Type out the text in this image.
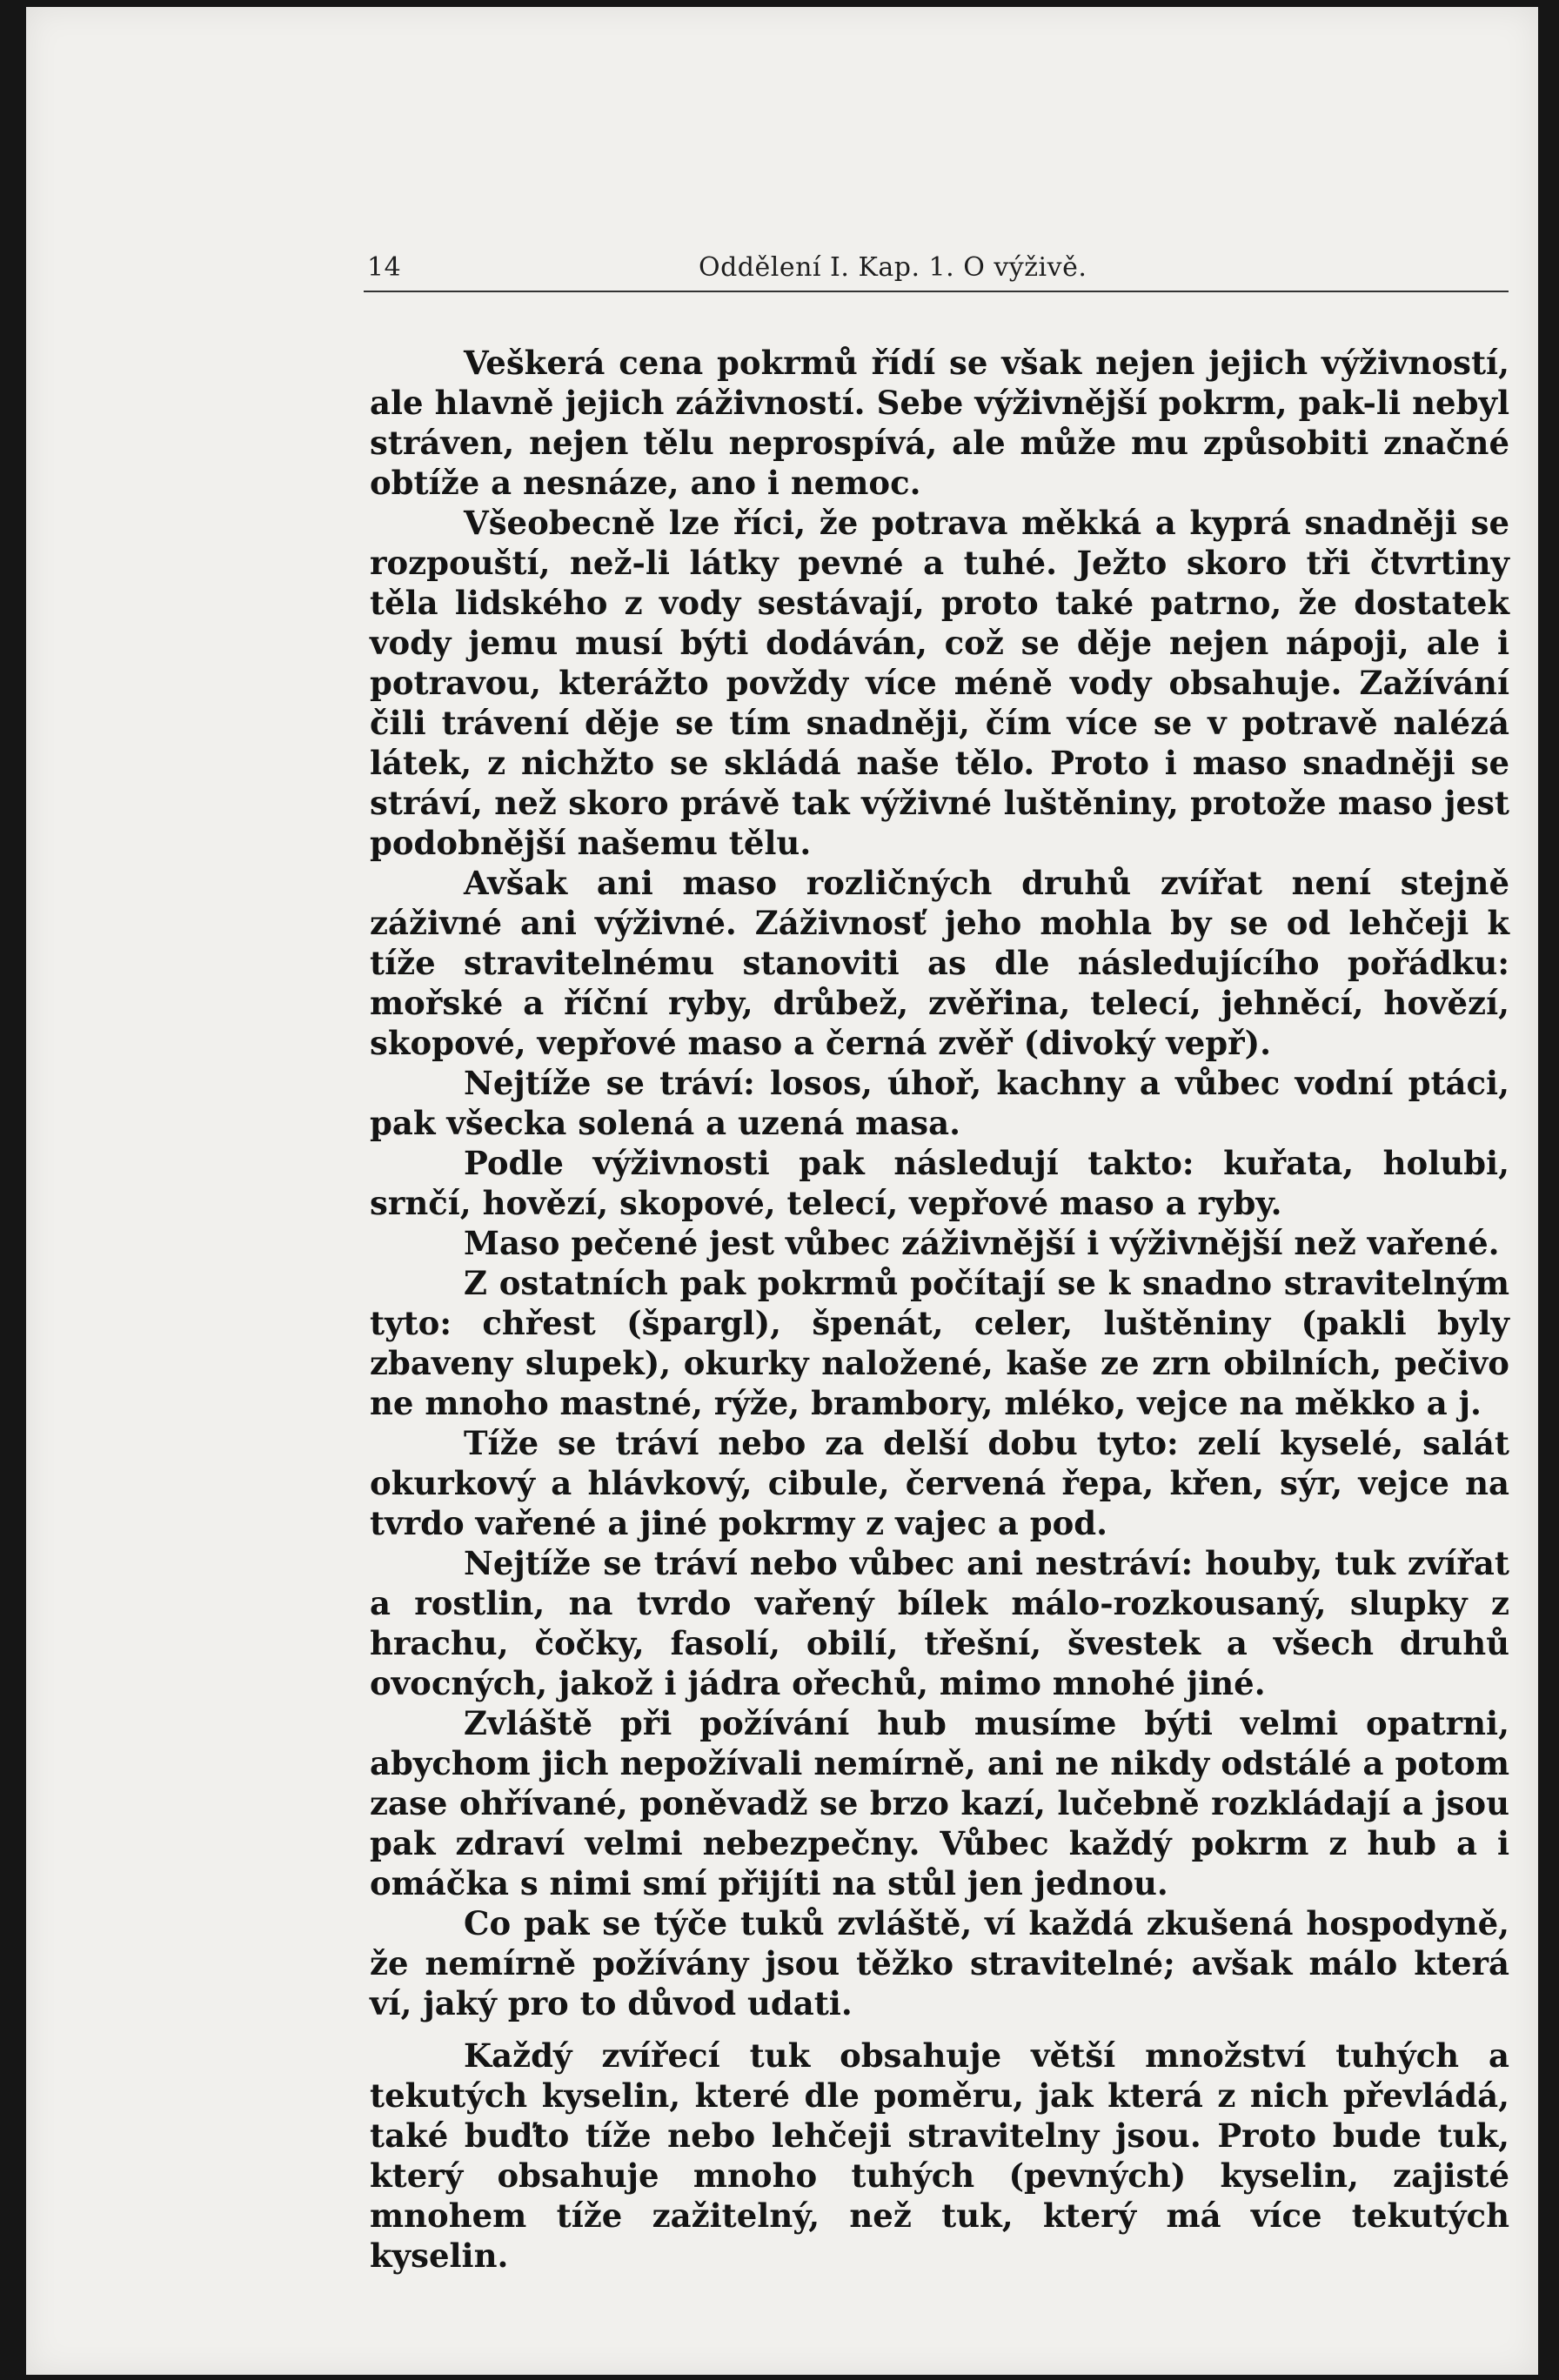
14	Oddělení I. Kap. 1. O výživě.

Veškerá cena pokrmů řídí se však nejen jejich výživností, ale hlavně jejich záživností. Sebe výživnější pokrm, pak-li nebyl stráven, nejen tělu neprospívá, ale může mu způsobiti značné obtíže a nesnáze, ano i nemoc.

Všeobecně lze říci, že potrava měkká a kyprá snadněji se rozpouští, než-li látky pevné a tuhé. Ježto skoro tři čtvrtiny těla lidského z vody sestávají, proto také patrno, že dostatek vody jemu musí býti dodáván, což se děje nejen nápoji, ale i potravou, kterážto povždy více méně vody obsahuje. Zažívání čili trávení děje se tím snadněji, čím více se v potravě nalézá látek, z nichžto se skládá naše tělo. Proto i maso snadněji se stráví, než skoro právě tak výživné luštěniny, protože maso jest podobnější našemu tělu.

Avšak ani maso rozličných druhů zvířat není stejně záživné ani výživné. Záživnosť jeho mohla by se od lehčeji k tíže stravitelnému stanoviti as dle následujícího pořádku: mořské a říční ryby, drůbež, zvěřina, telecí, jehněcí, hovězí, skopové, vepřové maso a černá zvěř (divoký vepř).

Nejtíže se tráví: losos, úhoř, kachny a vůbec vodní ptáci, pak všecka solená a uzená masa.

Podle výživnosti pak následují takto: kuřata, holubi, srnčí, hovězí, skopové, telecí, vepřové maso a ryby.

Maso pečené jest vůbec záživnější i výživnější než vařené.

Z ostatních pak pokrmů počítají se k snadno stravitelným tyto: chřest (špargl), špenát, celer, luštěniny (pakli byly zbaveny slupek), okurky naložené, kaše ze zrn obilních, pečivo ne mnoho mastné, rýže, brambory, mléko, vejce na měkko a j.

Tíže se tráví nebo za delší dobu tyto: zelí kyselé, salát okurkový a hlávkový, cibule, červená řepa, křen, sýr, vejce na tvrdo vařené a jiné pokrmy z vajec a pod.

Nejtíže se tráví nebo vůbec ani nestráví: houby, tuk zvířat a rostlin, na tvrdo vařený bílek málo-rozkousaný, slupky z hrachu, čočky, fasolí, obilí, třešní, švestek a všech druhů ovocných, jakož i jádra ořechů, mimo mnohé jiné.

Zvláště při požívání hub musíme býti velmi opatrni, abychom jich nepožívali nemírně, ani ne nikdy odstálé a potom zase ohřívané, poněvadž se brzo kazí, lučebně rozkládají a jsou pak zdraví velmi nebezpečny. Vůbec každý pokrm z hub a i omáčka s nimi smí přijíti na stůl jen jednou.

Co pak se týče tuků zvláště, ví každá zkušená hospodyně, že nemírně požívány jsou těžko stravitelné; avšak málo která ví, jaký pro to důvod udati.

Každý zvířecí tuk obsahuje větší množství tuhých a tekutých kyselin, které dle poměru, jak která z nich převládá, také buďto tíže nebo lehčeji stravitelny jsou. Proto bude tuk, který obsahuje mnoho tuhých (pevných) kyselin, zajisté mnohem tíže zažitelný, než tuk, který má více tekutých kyselin.
